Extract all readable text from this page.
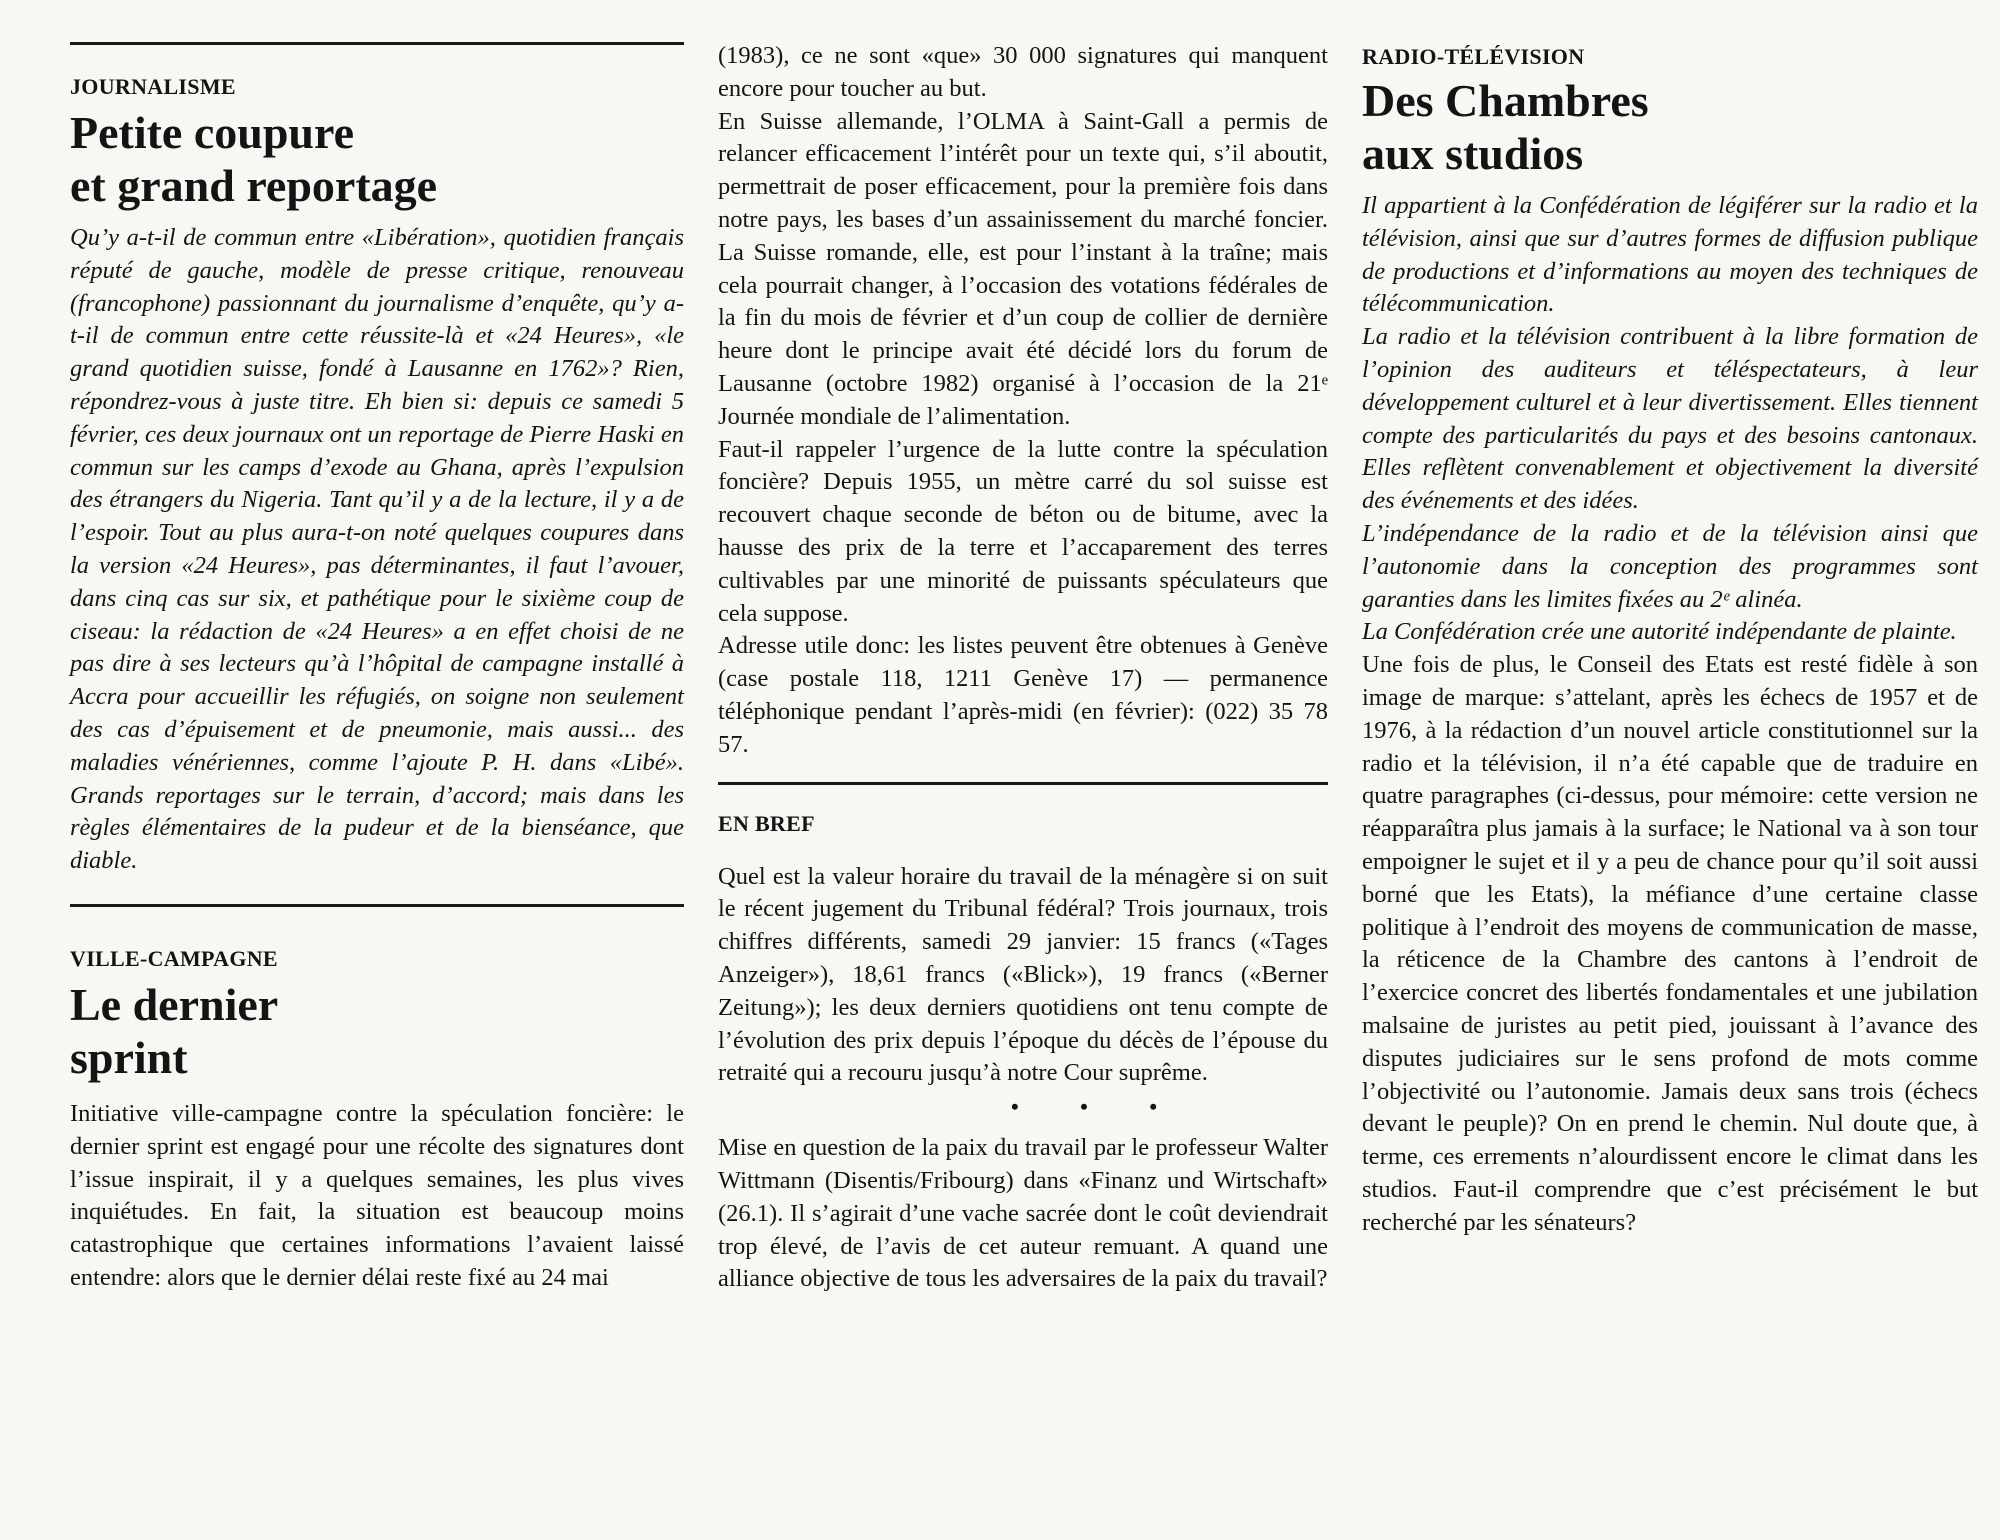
JOURNALISME
Petite coupure
et grand reportage

Qu’y a-t-il de commun entre «Libération», quotidien français réputé de gauche, modèle de presse critique, renouveau (francophone) passionnant du journalisme d’enquête, qu’y a-t-il de commun entre cette réussite-là et «24 Heures», «le grand quotidien suisse, fondé à Lausanne en 1762»? Rien, répondrez-vous à juste titre. Eh bien si: depuis ce samedi 5 février, ces deux journaux ont un reportage de Pierre Haski en commun sur les camps d’exode au Ghana, après l’expulsion des étrangers du Nigeria. Tant qu’il y a de la lecture, il y a de l’espoir. Tout au plus aura-t-on noté quelques coupures dans la version «24 Heures», pas déterminantes, il faut l’avouer, dans cinq cas sur six, et pathétique pour le sixième coup de ciseau: la rédaction de «24 Heures» a en effet choisi de ne pas dire à ses lecteurs qu’à l’hôpital de campagne installé à Accra pour accueillir les réfugiés, on soigne non seulement des cas d’épuisement et de pneumonie, mais aussi... des maladies vénériennes, comme l’ajoute P. H. dans «Libé». Grands reportages sur le terrain, d’accord; mais dans les règles élémentaires de la pudeur et de la bienséance, que diable.

VILLE-CAMPAGNE
Le dernier
sprint

Initiative ville-campagne contre la spéculation foncière: le dernier sprint est engagé pour une récolte des signatures dont l’issue inspirait, il y a quelques semaines, les plus vives inquiétudes. En fait, la situation est beaucoup moins catastrophique que certaines informations l’avaient laissé entendre: alors que le dernier délai reste fixé au 24 mai

(1983), ce ne sont «que» 30 000 signatures qui manquent encore pour toucher au but.

En Suisse allemande, l’OLMA à Saint-Gall a permis de relancer efficacement l’intérêt pour un texte qui, s’il aboutit, permettrait de poser efficacement, pour la première fois dans notre pays, les bases d’un assainissement du marché foncier. La Suisse romande, elle, est pour l’instant à la traîne; mais cela pourrait changer, à l’occasion des votations fédérales de la fin du mois de février et d’un coup de collier de dernière heure dont le principe avait été décidé lors du forum de Lausanne (octobre 1982) organisé à l’occasion de la 21ᵉ Journée mondiale de l’alimentation.

Faut-il rappeler l’urgence de la lutte contre la spéculation foncière? Depuis 1955, un mètre carré du sol suisse est recouvert chaque seconde de béton ou de bitume, avec la hausse des prix de la terre et l’accaparement des terres cultivables par une minorité de puissants spéculateurs que cela suppose.

Adresse utile donc: les listes peuvent être obtenues à Genève (case postale 118, 1211 Genève 17) — permanence téléphonique pendant l’après-midi (en février): (022) 35 78 57.

EN BREF

Quel est la valeur horaire du travail de la ménagère si on suit le récent jugement du Tribunal fédéral? Trois journaux, trois chiffres différents, samedi 29 janvier: 15 francs («Tages Anzeiger»), 18,61 francs («Blick»), 19 francs («Berner Zeitung»); les deux derniers quotidiens ont tenu compte de l’évolution des prix depuis l’époque du décès de l’épouse du retraité qui a recouru jusqu’à notre Cour suprême.

• • •

Mise en question de la paix du travail par le professeur Walter Wittmann (Disentis/Fribourg) dans «Finanz und Wirtschaft» (26.1). Il s’agirait d’une vache sacrée dont le coût deviendrait trop élevé, de l’avis de cet auteur remuant. A quand une alliance objective de tous les adversaires de la paix du travail?

RADIO-TÉLÉVISION
Des Chambres
aux studios

Il appartient à la Confédération de légiférer sur la radio et la télévision, ainsi que sur d’autres formes de diffusion publique de productions et d’informations au moyen des techniques de télécommunication.

La radio et la télévision contribuent à la libre formation de l’opinion des auditeurs et téléspectateurs, à leur développement culturel et à leur divertissement. Elles tiennent compte des particularités du pays et des besoins cantonaux. Elles reflètent convenablement et objectivement la diversité des événements et des idées.

L’indépendance de la radio et de la télévision ainsi que l’autonomie dans la conception des programmes sont garanties dans les limites fixées au 2ᵉ alinéa.

La Confédération crée une autorité indépendante de plainte.

Une fois de plus, le Conseil des Etats est resté fidèle à son image de marque: s’attelant, après les échecs de 1957 et de 1976, à la rédaction d’un nouvel article constitutionnel sur la radio et la télévision, il n’a été capable que de traduire en quatre paragraphes (ci-dessus, pour mémoire: cette version ne réapparaîtra plus jamais à la surface; le National va à son tour empoigner le sujet et il y a peu de chance pour qu’il soit aussi borné que les Etats), la méfiance d’une certaine classe politique à l’endroit des moyens de communication de masse, la réticence de la Chambre des cantons à l’endroit de l’exercice concret des libertés fondamentales et une jubilation malsaine de juristes au petit pied, jouissant à l’avance des disputes judiciaires sur le sens profond de mots comme l’objectivité ou l’autonomie. Jamais deux sans trois (échecs devant le peuple)? On en prend le chemin. Nul doute que, à terme, ces errements n’alourdissent encore le climat dans les studios. Faut-il comprendre que c’est précisément le but recherché par les sénateurs?
